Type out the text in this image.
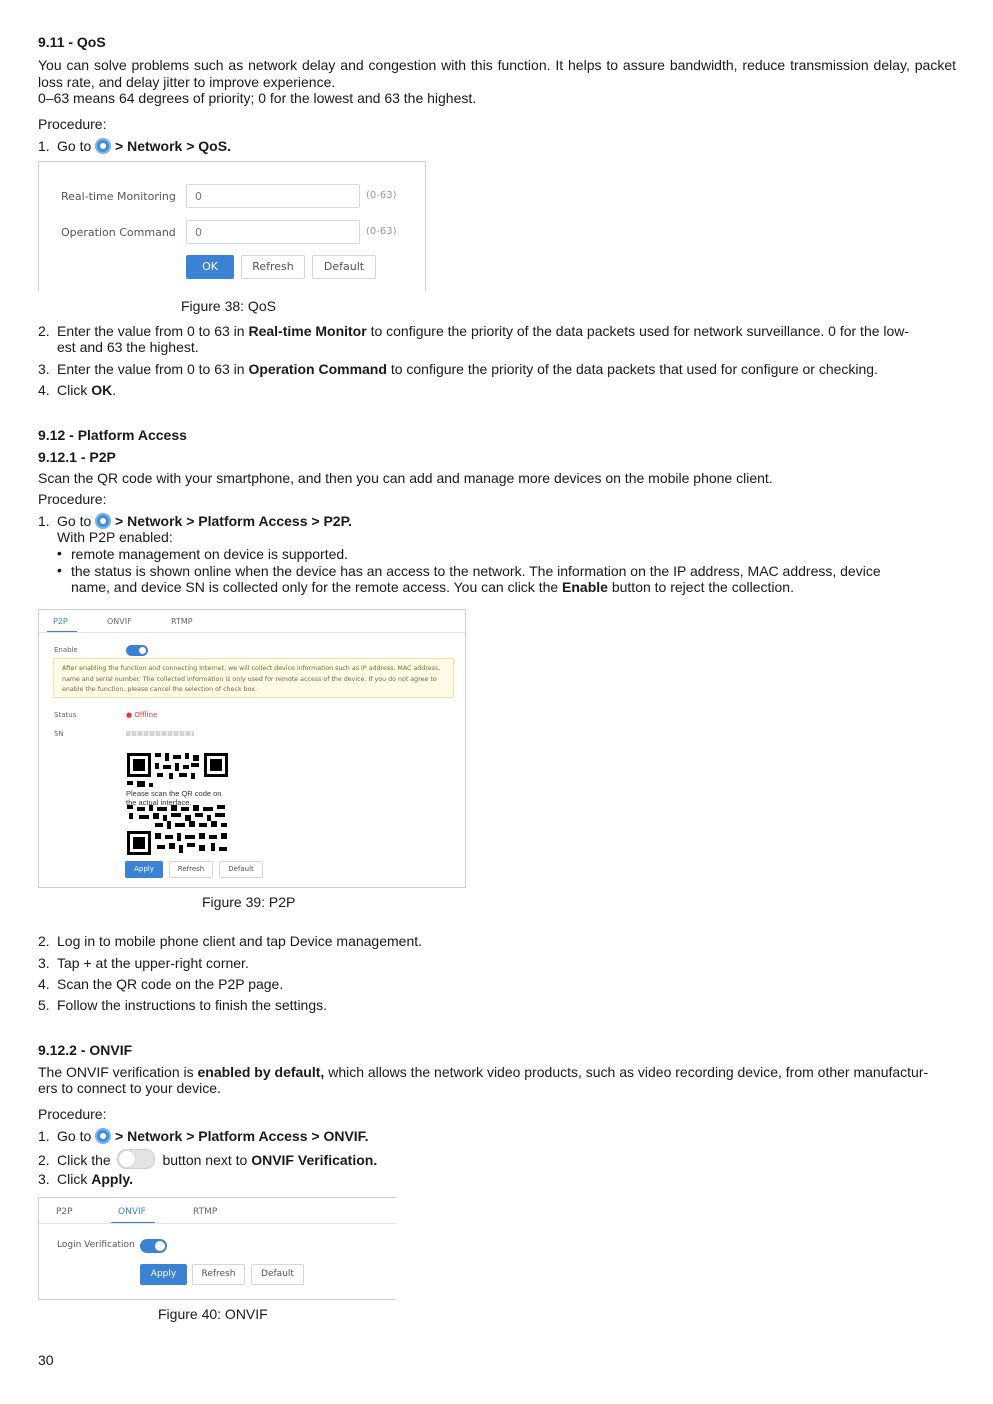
9.11 - QoS
You can solve problems such as network delay and congestion with this function. It helps to assure bandwidth, reduce transmission delay, packet loss rate, and delay jitter to improve experience.
0–63 means 64 degrees of priority; 0 for the lowest and 63 the highest.
Procedure:
1. Go to > Network > QoS.
Real-time Monitoring	0	(0-63)
Operation Command	0	(0-63)
OK	Refresh	Default
Figure 38: QoS
2. Enter the value from 0 to 63 in Real-time Monitor to configure the priority of the data packets used for network surveillance. 0 for the low-
est and 63 the highest.
3. Enter the value from 0 to 63 in Operation Command to configure the priority of the data packets that used for configure or checking.
4. Click OK.
9.12 - Platform Access
9.12.1 - P2P
Scan the QR code with your smartphone, and then you can add and manage more devices on the mobile phone client.
Procedure:
1. Go to > Network > Platform Access > P2P.
With P2P enabled:
• remote management on device is supported.
• the status is shown online when the device has an access to the network. The information on the IP address, MAC address, device
name, and device SN is collected only for the remote access. You can click the Enable button to reject the collection.
P2P	ONVIF	RTMP
Enable
After enabling the function and connecting Internet, we will collect device information such as IP address, MAC address, name and serial number. The collected information is only used for remote access of the device. If you do not agree to enable the function, please cancel the selection of check box.
Status	● Offline
SN
Please scan the QR code on the actual interface.
Apply	Refresh	Default
Figure 39: P2P
2. Log in to mobile phone client and tap Device management.
3. Tap + at the upper-right corner.
4. Scan the QR code on the P2P page.
5. Follow the instructions to finish the settings.
9.12.2 - ONVIF
The ONVIF verification is enabled by default, which allows the network video products, such as video recording device, from other manufactur-
ers to connect to your device.
Procedure:
1. Go to > Network > Platform Access > ONVIF.
2. Click the	button next to ONVIF Verification.
3. Click Apply.
P2P	ONVIF	RTMP
Login Verification
Apply	Refresh	Default
Figure 40: ONVIF
30
